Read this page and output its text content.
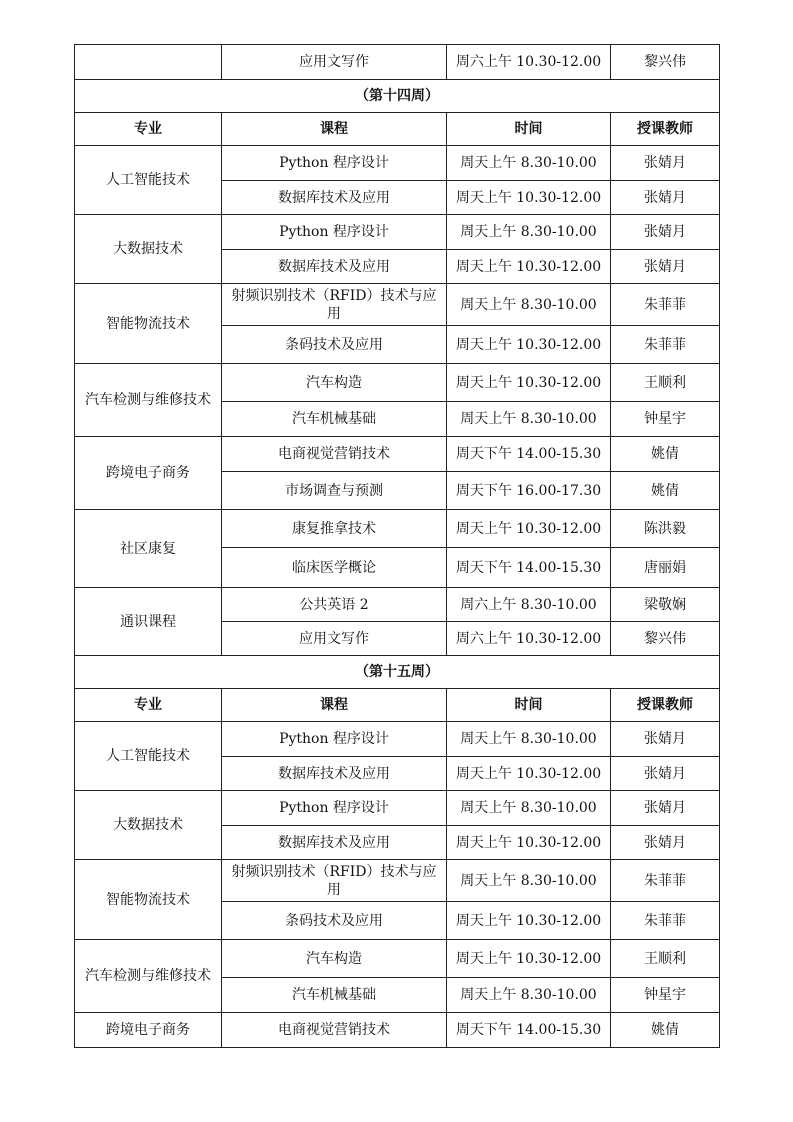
	应用文写作	周六上午 10.30-12.00	黎兴伟
（第十四周）			
专业	课程	时间	授课教师
人工智能技术	Python 程序设计	周天上午 8.30-10.00	张婧月
	数据库技术及应用	周天上午 10.30-12.00	张婧月
大数据技术	Python 程序设计	周天上午 8.30-10.00	张婧月
	数据库技术及应用	周天上午 10.30-12.00	张婧月
智能物流技术	射频识别技术（RFID）技术与应用	周天上午 8.30-10.00	朱菲菲
	条码技术及应用	周天上午 10.30-12.00	朱菲菲
汽车检测与维修技术	汽车构造	周天上午 10.30-12.00	王顺利
	汽车机械基础	周天上午 8.30-10.00	钟星宇
跨境电子商务	电商视觉营销技术	周天下午 14.00-15.30	姚倩
	市场调查与预测	周天下午 16.00-17.30	姚倩
社区康复	康复推拿技术	周天上午 10.30-12.00	陈洪毅
	临床医学概论	周天下午 14.00-15.30	唐丽娟
通识课程	公共英语 2	周六上午 8.30-10.00	梁敬娴
	应用文写作	周六上午 10.30-12.00	黎兴伟
（第十五周）			
专业	课程	时间	授课教师
人工智能技术	Python 程序设计	周天上午 8.30-10.00	张婧月
	数据库技术及应用	周天上午 10.30-12.00	张婧月
大数据技术	Python 程序设计	周天上午 8.30-10.00	张婧月
	数据库技术及应用	周天上午 10.30-12.00	张婧月
智能物流技术	射频识别技术（RFID）技术与应用	周天上午 8.30-10.00	朱菲菲
	条码技术及应用	周天上午 10.30-12.00	朱菲菲
汽车检测与维修技术	汽车构造	周天上午 10.30-12.00	王顺利
	汽车机械基础	周天上午 8.30-10.00	钟星宇
跨境电子商务	电商视觉营销技术	周天下午 14.00-15.30	姚倩
